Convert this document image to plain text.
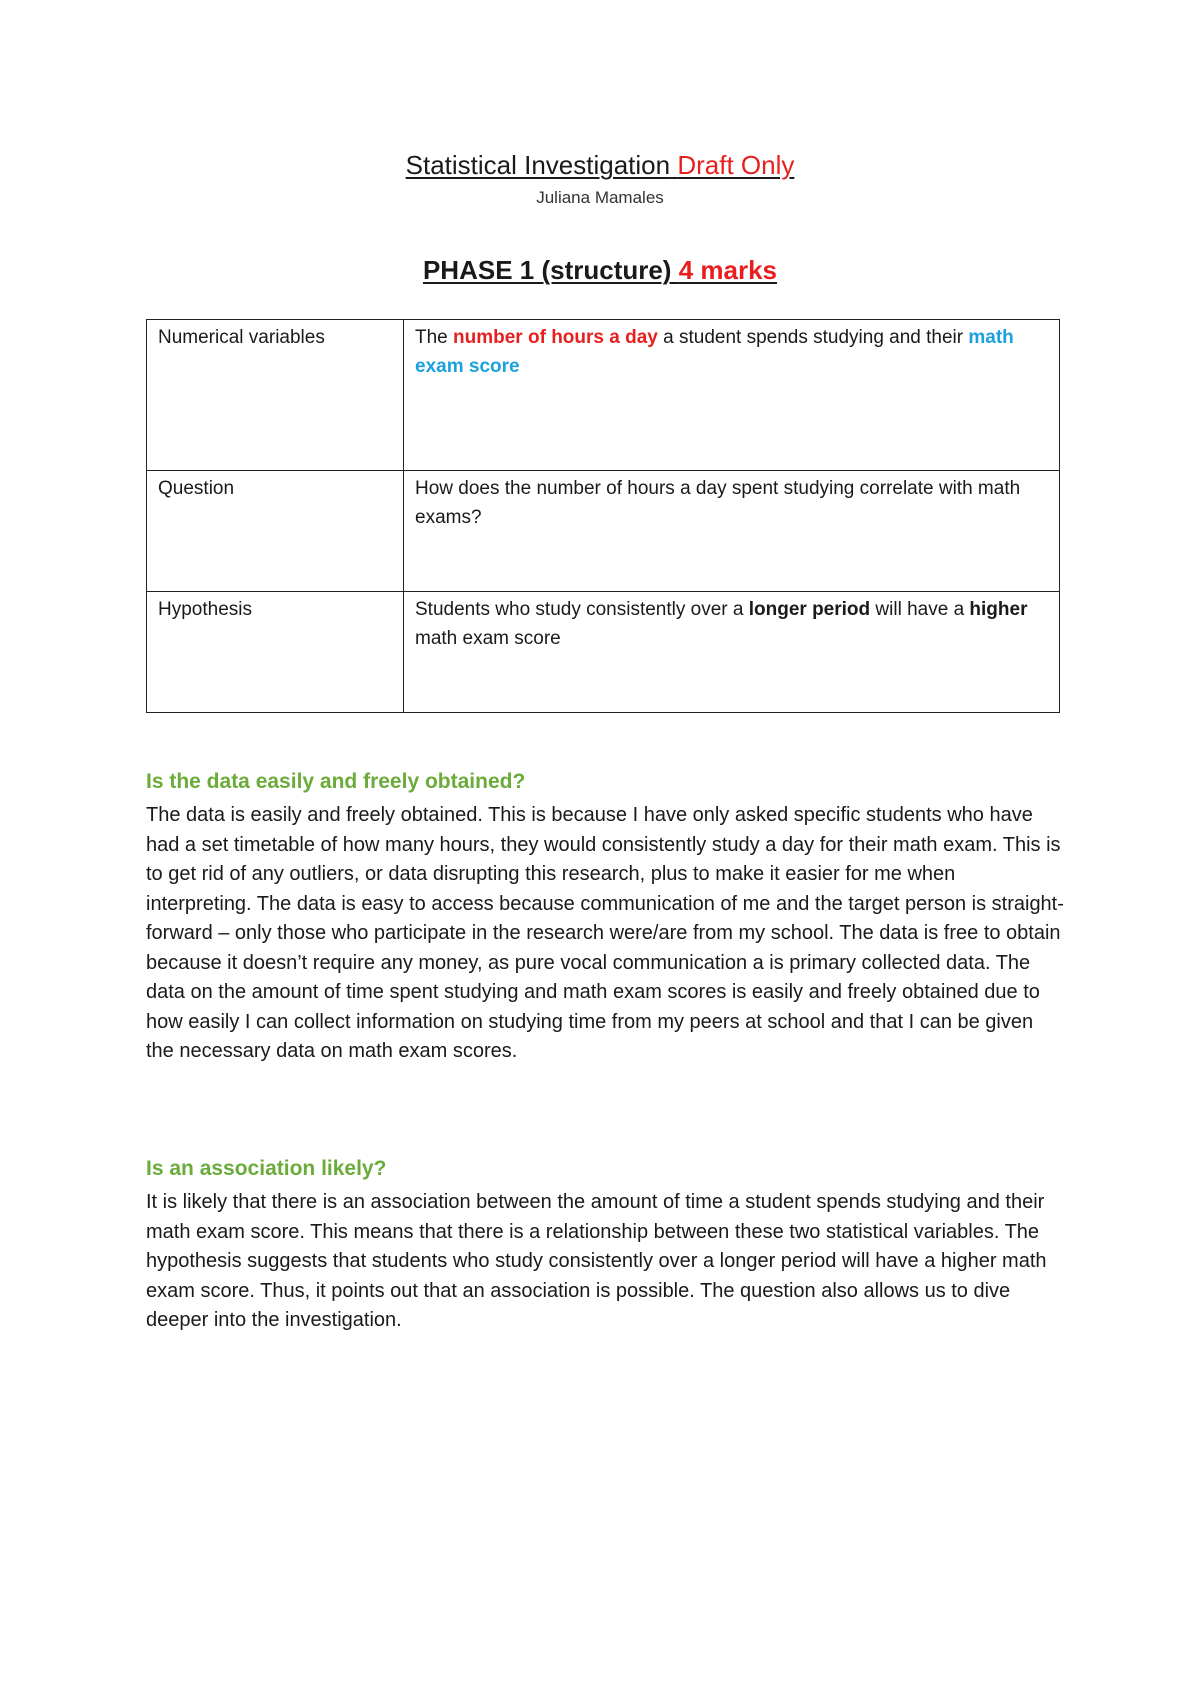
Statistical Investigation Draft Only
Juliana Mamales
PHASE 1 (structure) 4 marks
Numerical variables	The number of hours a day a student spends studying and their math exam score
Question	How does the number of hours a day spent studying correlate with math exams?
Hypothesis	Students who study consistently over a longer period will have a higher math exam score
Is the data easily and freely obtained?
The data is easily and freely obtained. This is because I have only asked specific students who have had a set timetable of how many hours, they would consistently study a day for their math exam. This is to get rid of any outliers, or data disrupting this research, plus to make it easier for me when interpreting. The data is easy to access because communication of me and the target person is straight-forward – only those who participate in the research were/are from my school. The data is free to obtain because it doesn’t require any money, as pure vocal communication a is primary collected data. The data on the amount of time spent studying and math exam scores is easily and freely obtained due to how easily I can collect information on studying time from my peers at school and that I can be given the necessary data on math exam scores.
Is an association likely?
It is likely that there is an association between the amount of time a student spends studying and their math exam score. This means that there is a relationship between these two statistical variables. The hypothesis suggests that students who study consistently over a longer period will have a higher math exam score. Thus, it points out that an association is possible. The question also allows us to dive deeper into the investigation.
